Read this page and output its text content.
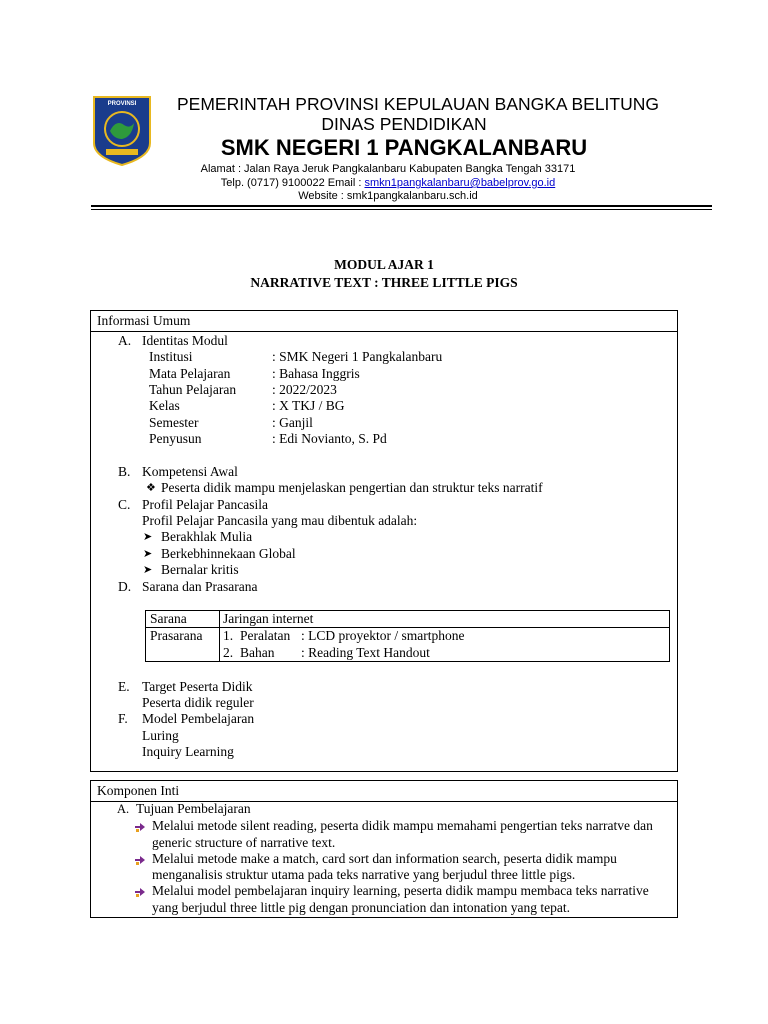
PROVINSI	PEMERINTAH PROVINSI KEPULAUAN BANGKA BELITUNG
DINAS PENDIDIKAN
SMK NEGERI 1 PANGKALANBARU
Alamat : Jalan Raya Jeruk Pangkalanbaru Kabupaten Bangka Tengah 33171
Telp. (0717) 9100022 Email : smkn1pangkalanbaru@babelprov.go.id
Website : smk1pangkalanbaru.sch.id
MODUL AJAR 1
NARRATIVE TEXT : THREE LITTLE PIGS
Informasi Umum
A. Identitas Modul
Institusi	: SMK Negeri 1 Pangkalanbaru
Mata Pelajaran	: Bahasa Inggris
Tahun Pelajaran	: 2022/2023
Kelas	: X TKJ / BG
Semester	: Ganjil
Penyusun	: Edi Novianto, S. Pd
B. Kompetensi Awal
❖ Peserta didik mampu menjelaskan pengertian dan struktur teks narratif
C. Profil Pelajar Pancasila
Profil Pelajar Pancasila yang mau dibentuk adalah:
➤ Berakhlak Mulia
➤ Berkebhinnekaan Global
➤ Bernalar kritis
D. Sarana dan Prasarana
Sarana	Jaringan internet
Prasarana 1. Peralatan : LCD proyektor / smartphone
2. Bahan : Reading Text Handout
E. Target Peserta Didik
Peserta didik reguler
F. Model Pembelajaran
Luring
Inquiry Learning
Komponen Inti
A. Tujuan Pembelajaran
Melalui metode silent reading, peserta didik mampu memahami pengertian teks narratve dan
generic structure of narrative text.
Melalui metode make a match, card sort dan information search, peserta didik mampu
menganalisis struktur utama pada teks narrative yang berjudul three little pigs.
Melalui model pembelajaran inquiry learning, peserta didik mampu membaca teks narrative
yang berjudul three little pig dengan pronunciation dan intonation yang tepat.
